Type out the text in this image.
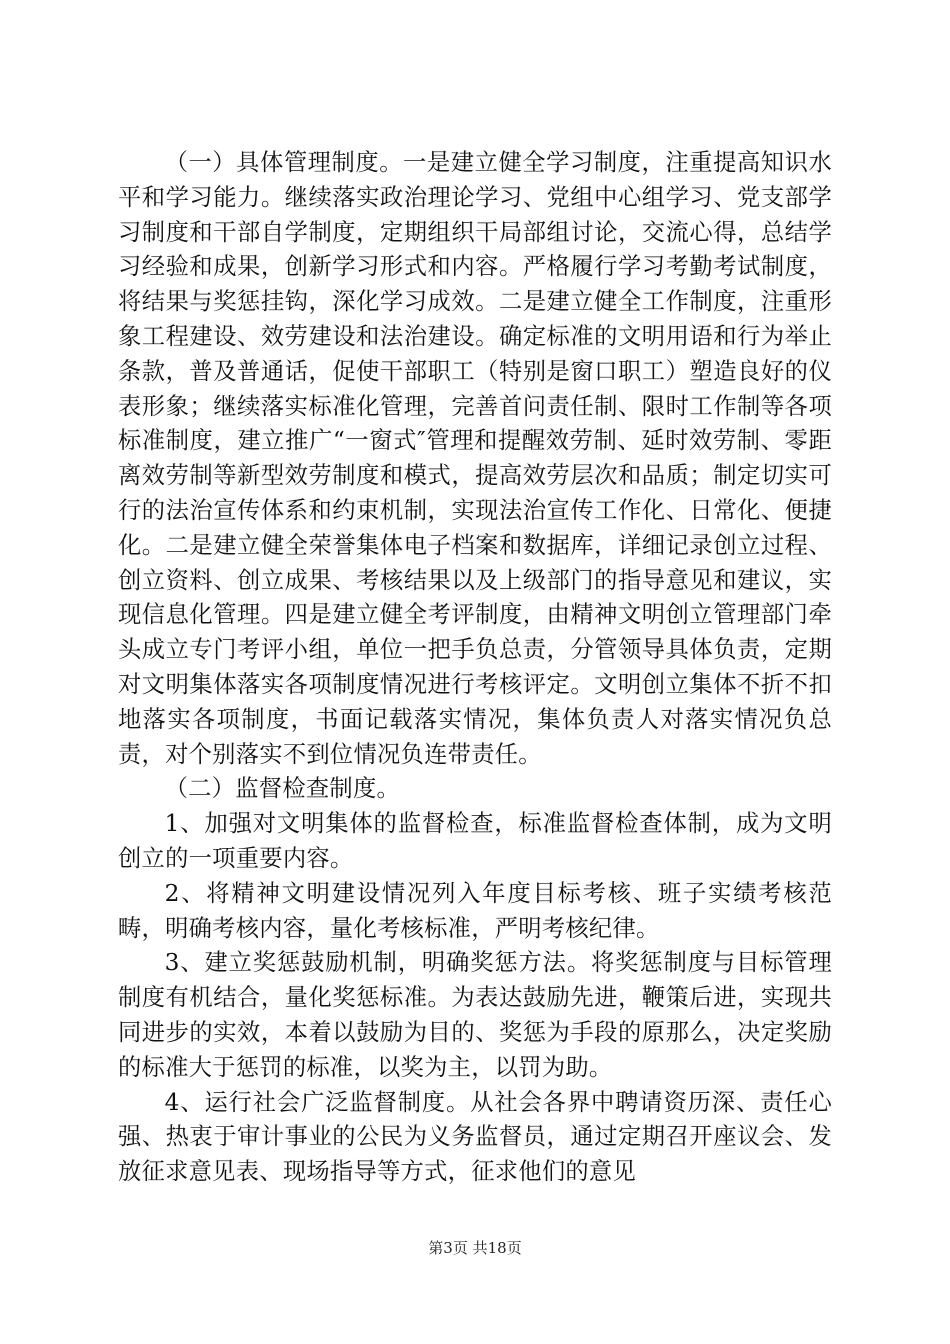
（一）具体管理制度。一是建立健全学习制度，注重提高知识水平和学习能力。继续落实政治理论学习、党组中心组学习、党支部学习制度和干部自学制度，定期组织干局部组讨论，交流心得，总结学习经验和成果，创新学习形式和内容。严格履行学习考勤考试制度，将结果与奖惩挂钩，深化学习成效。二是建立健全工作制度，注重形象工程建设、效劳建设和法治建设。确定标准的文明用语和行为举止条款，普及普通话，促使干部职工（特别是窗口职工）塑造良好的仪表形象；继续落实标准化管理，完善首问责任制、限时工作制等各项标准制度，建立推广“一窗式″管理和提醒效劳制、延时效劳制、零距离效劳制等新型效劳制度和模式，提高效劳层次和品质；制定切实可行的法治宣传体系和约束机制，实现法治宣传工作化、日常化、便捷化。二是建立健全荣誉集体电子档案和数据库，详细记录创立过程、创立资料、创立成果、考核结果以及上级部门的指导意见和建议，实现信息化管理。四是建立健全考评制度，由精神文明创立管理部门牵头成立专门考评小组，单位一把手负总责，分管领导具体负责，定期对文明集体落实各项制度情况进行考核评定。文明创立集体不折不扣地落实各项制度，书面记载落实情况，集体负责人对落实情况负总责，对个别落实不到位情况负连带责任。

（二）监督检查制度。

1、加强对文明集体的监督检查，标准监督检查体制，成为文明创立的一项重要内容。

2、将精神文明建设情况列入年度目标考核、班子实绩考核范畴，明确考核内容，量化考核标准，严明考核纪律。

3、建立奖惩鼓励机制，明确奖惩方法。将奖惩制度与目标管理制度有机结合，量化奖惩标准。为表达鼓励先进，鞭策后进，实现共同进步的实效，本着以鼓励为目的、奖惩为手段的原那么，决定奖励的标准大于惩罚的标准，以奖为主，以罚为助。

4、运行社会广泛监督制度。从社会各界中聘请资历深、责任心强、热衷于审计事业的公民为义务监督员，通过定期召开座议会、发放征求意见表、现场指导等方式，征求他们的意见

第3页 共18页
